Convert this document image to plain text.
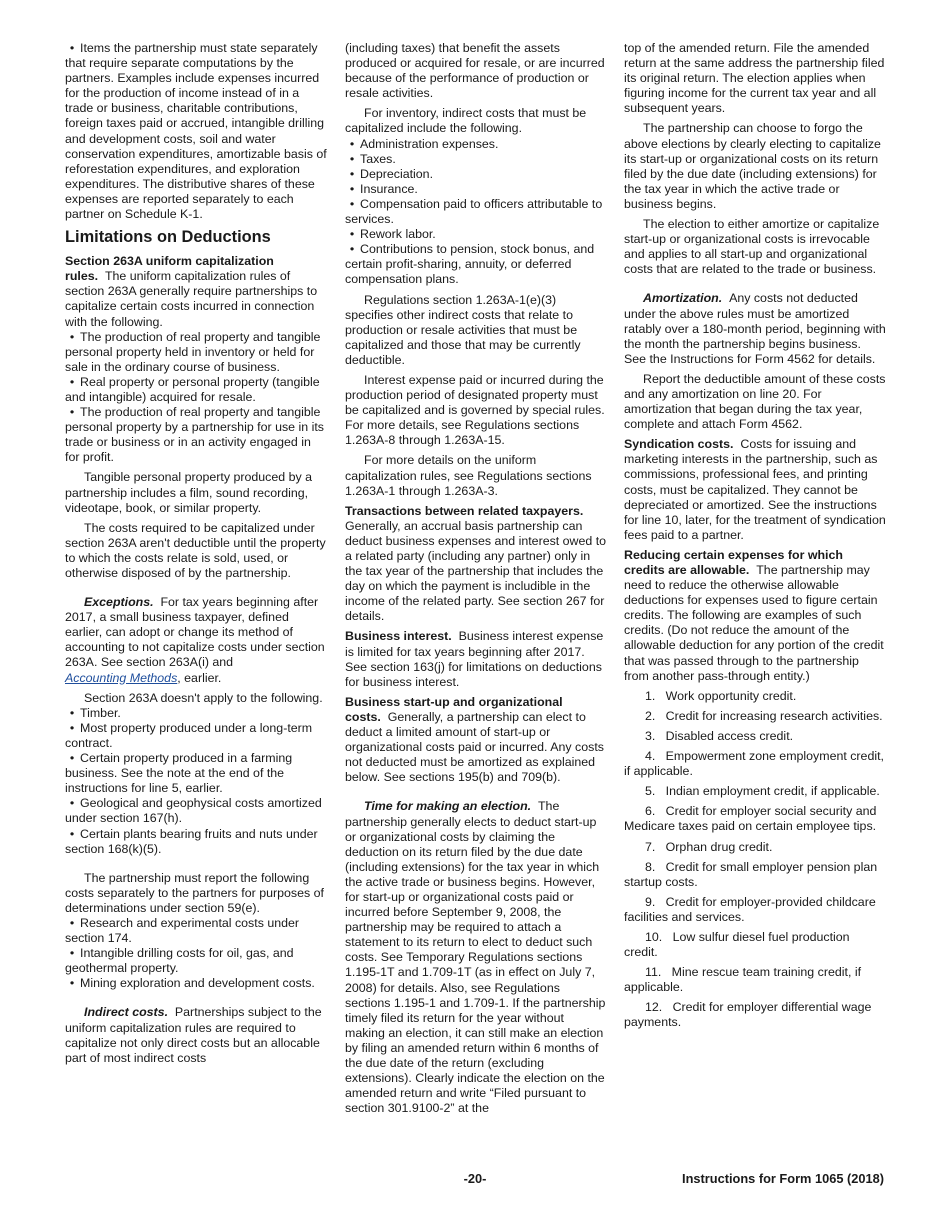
• Items the partnership must state separately that require separate computations by the partners. Examples include expenses incurred for the production of income instead of in a trade or business, charitable contributions, foreign taxes paid or accrued, intangible drilling and development costs, soil and water conservation expenditures, amortizable basis of reforestation expenditures, and exploration expenditures. The distributive shares of these expenses are reported separately to each partner on Schedule K-1.
Limitations on Deductions

Section 263A uniform capitalization rules. The uniform capitalization rules of section 263A generally require partnerships to capitalize certain costs incurred in connection with the following.

• The production of real property and tangible personal property held in inventory or held for sale in the ordinary course of business.
• Real property or personal property (tangible and intangible) acquired for resale.
• The production of real property and tangible personal property by a partnership for use in its trade or business or in an activity engaged in for profit.

Tangible personal property produced by a partnership includes a film, sound recording, videotape, book, or similar property.

The costs required to be capitalized under section 263A aren't deductible until the property to which the costs relate is sold, used, or otherwise disposed of by the partnership.

Exceptions. For tax years beginning after 2017, a small business taxpayer, defined earlier, can adopt or change its method of accounting to not capitalize costs under section 263A. See section 263A(i) and
Accounting Methods, earlier.

Section 263A doesn't apply to the following.

• Timber.
• Most property produced under a long-term contract.
• Certain property produced in a farming business. See the note at the end of the instructions for line 5, earlier.
• Geological and geophysical costs amortized under section 167(h).
• Certain plants bearing fruits and nuts under section 168(k)(5).

The partnership must report the following costs separately to the partners for purposes of determinations under section 59(e).

• Research and experimental costs under section 174.
• Intangible drilling costs for oil, gas, and geothermal property.
• Mining exploration and development costs.

Indirect costs. Partnerships subject to the uniform capitalization rules are required to capitalize not only direct costs but an allocable part of most indirect costs

(including taxes) that benefit the assets produced or acquired for resale, or are incurred because of the performance of production or resale activities.

For inventory, indirect costs that must be capitalized include the following.

• Administration expenses.
• Taxes.
• Depreciation.
• Insurance.
• Compensation paid to officers attributable to services.
• Rework labor.
• Contributions to pension, stock bonus, and certain profit-sharing, annuity, or deferred compensation plans.

Regulations section 1.263A-1(e)(3) specifies other indirect costs that relate to production or resale activities that must be capitalized and those that may be currently deductible.

Interest expense paid or incurred during the production period of designated property must be capitalized and is governed by special rules. For more details, see Regulations sections 1.263A-8 through 1.263A-15.

For more details on the uniform capitalization rules, see Regulations sections 1.263A-1 through 1.263A-3.

Transactions between related taxpayers. Generally, an accrual basis partnership can deduct business expenses and interest owed to a related party (including any partner) only in the tax year of the partnership that includes the day on which the payment is includible in the income of the related party. See section 267 for details.

Business interest. Business interest expense is limited for tax years beginning after 2017. See section 163(j) for limitations on deductions for business interest.

Business start-up and organizational costs. Generally, a partnership can elect to deduct a limited amount of start-up or organizational costs paid or incurred. Any costs not deducted must be amortized as explained below. See sections 195(b) and 709(b).

Time for making an election. The partnership generally elects to deduct start-up or organizational costs by claiming the deduction on its return filed by the due date (including extensions) for the tax year in which the active trade or business begins. However, for start-up or organizational costs paid or incurred before September 9, 2008, the partnership may be required to attach a statement to its return to elect to deduct such costs. See Temporary Regulations sections 1.195-1T and 1.709-1T (as in effect on July 7, 2008) for details. Also, see Regulations sections 1.195-1 and 1.709-1. If the partnership timely filed its return for the year without making an election, it can still make an election by filing an amended return within 6 months of the due date of the return (excluding extensions). Clearly indicate the election on the amended return and write “Filed pursuant to section 301.9100-2” at the

top of the amended return. File the amended return at the same address the partnership filed its original return. The election applies when figuring income for the current tax year and all subsequent years.

The partnership can choose to forgo the above elections by clearly electing to capitalize its start-up or organizational costs on its return filed by the due date (including extensions) for the tax year in which the active trade or business begins.

The election to either amortize or capitalize start-up or organizational costs is irrevocable and applies to all start-up and organizational costs that are related to the trade or business.

Amortization. Any costs not deducted under the above rules must be amortized ratably over a 180-month period, beginning with the month the partnership begins business. See the Instructions for Form 4562 for details.

Report the deductible amount of these costs and any amortization on line 20. For amortization that began during the tax year, complete and attach Form 4562.

Syndication costs. Costs for issuing and marketing interests in the partnership, such as commissions, professional fees, and printing costs, must be capitalized. They cannot be depreciated or amortized. See the instructions for line 10, later, for the treatment of syndication fees paid to a partner.

Reducing certain expenses for which credits are allowable. The partnership may need to reduce the otherwise allowable deductions for expenses used to figure certain credits. The following are examples of such credits. (Do not reduce the amount of the allowable deduction for any portion of the credit that was passed through to the partnership from another pass-through entity.)

1. Work opportunity credit.
2. Credit for increasing research activities.
3. Disabled access credit.
4. Empowerment zone employment credit, if applicable.
5. Indian employment credit, if applicable.
6. Credit for employer social security and Medicare taxes paid on certain employee tips.
7. Orphan drug credit.
8. Credit for small employer pension plan startup costs.
9. Credit for employer-provided childcare facilities and services.
10. Low sulfur diesel fuel production credit.
11. Mine rescue team training credit, if applicable.
12. Credit for employer differential wage payments.
-20-	Instructions for Form 1065 (2018)
